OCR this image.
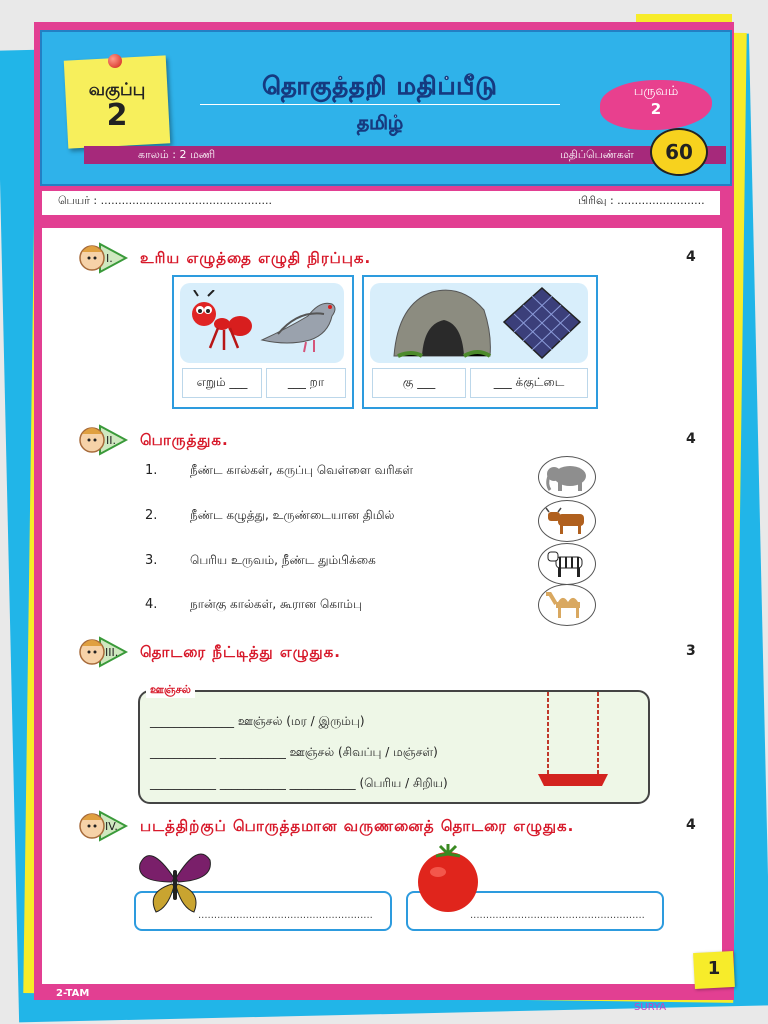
தொகுத்தறி மதிப்பீடு
தமிழ்
வகுப்பு
2
பருவம்
2
காலம் : 2 மணி	மதிப்பெண்கள்	60
பெயர் : .................................................	பிரிவு : .........................
I. உரிய எழுத்தை எழுதி நிரப்புக.	4
எறும் ___	___ றா	கு ___	___ க்குட்டை
II. பொருத்துக.	4
1.	நீண்ட கால்கள், கருப்பு வெள்ளை வரிகள்
2.	நீண்ட கழுத்து, உருண்டையான திமில்
3.	பெரிய உருவம், நீண்ட தும்பிக்கை
4.	நான்கு கால்கள், கூரான கொம்பு
III. தொடரை நீட்டித்து எழுதுக.	3
ஊஞ்சல்
______________ ஊஞ்சல் (மர / இரும்பு)
___________ ___________ ஊஞ்சல் (சிவப்பு / மஞ்சள்)
___________ ___________ ___________ (பெரிய / சிறிய)
IV. படத்திற்குப் பொருத்தமான வருணனைத் தொடரை எழுதுக.	4
.......................................................	.......................................................
1
2-TAM
SURYA
